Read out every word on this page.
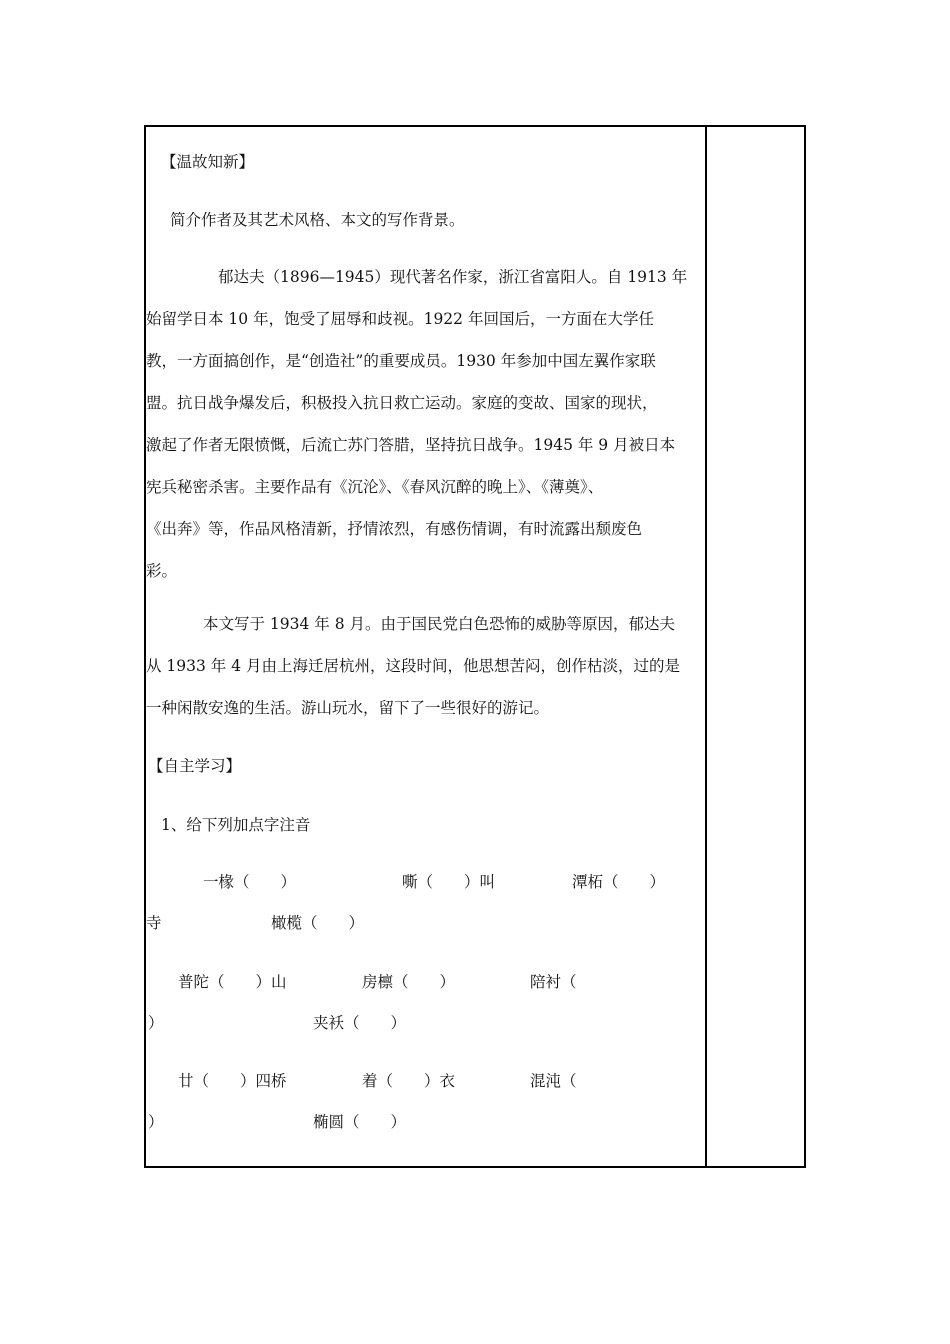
【温故知新】
简介作者及其艺术风格、本文的写作背景。
郁达夫（1896—1945）现代著名作家，浙江省富阳人。自 1913 年
始留学日本 10 年，饱受了屈辱和歧视。1922 年回国后，一方面在大学任
教，一方面搞创作，是“创造社”的重要成员。1930 年参加中国左翼作家联
盟。抗日战争爆发后，积极投入抗日救亡运动。家庭的变故、国家的现状，
激起了作者无限愤慨，后流亡苏门答腊，坚持抗日战争。1945 年 9 月被日本
宪兵秘密杀害。主要作品有《沉沦》、《春风沉醉的晚上》、《薄奠》、
《出奔》等，作品风格清新，抒情浓烈，有感伤情调，有时流露出颓废色
彩。
本文写于 1934 年 8 月。由于国民党白色恐怖的威胁等原因，郁达夫
从 1933 年 4 月由上海迁居杭州，这段时间，他思想苦闷，创作枯淡，过的是
一种闲散安逸的生活。游山玩水，留下了一些很好的游记。
【自主学习】
1、给下列加点字注音
一椽（　　）	嘶（　　）叫	潭柘（　　）
寺	橄榄（　　）
普陀（　　）山	房檩（　　）	陪衬（
）	夹袄（　　）
廿（　　）四桥	着（　　）衣	混沌（
）	椭圆（　　）
